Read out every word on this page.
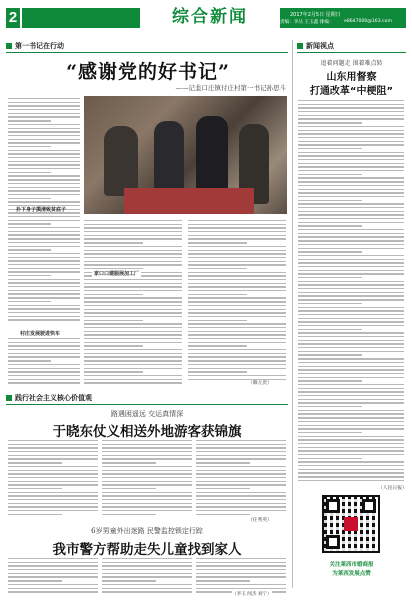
2	综合新闻	2017年2月5日 星期日
责编：李丛 王玉鑫 排编： e8647000@163.com
第一书记在行动
“感谢党的好书记”
——记韭口庄镇付庄村第一书记孙思斗
扑下身子摸清致贫底子
村庄发展驶进快车
家口口建服展加工厂
（赖元贵）
新闻视点
追着问题走 围着难点转
山东用督察
打通改革“中梗阻”
（人民日报）
关注莱西市婚商报
为莱西发展点赞
践行社会主义核心价值观
路遇困遥远 交运真情深
于晓东仗义相送外地游客获锦旗
（任秀英）
6岁男童外出迷路 民警监控锁定行踪
我市警方帮助走失儿童找到家人
（李玉 闻杰 刘宁）
